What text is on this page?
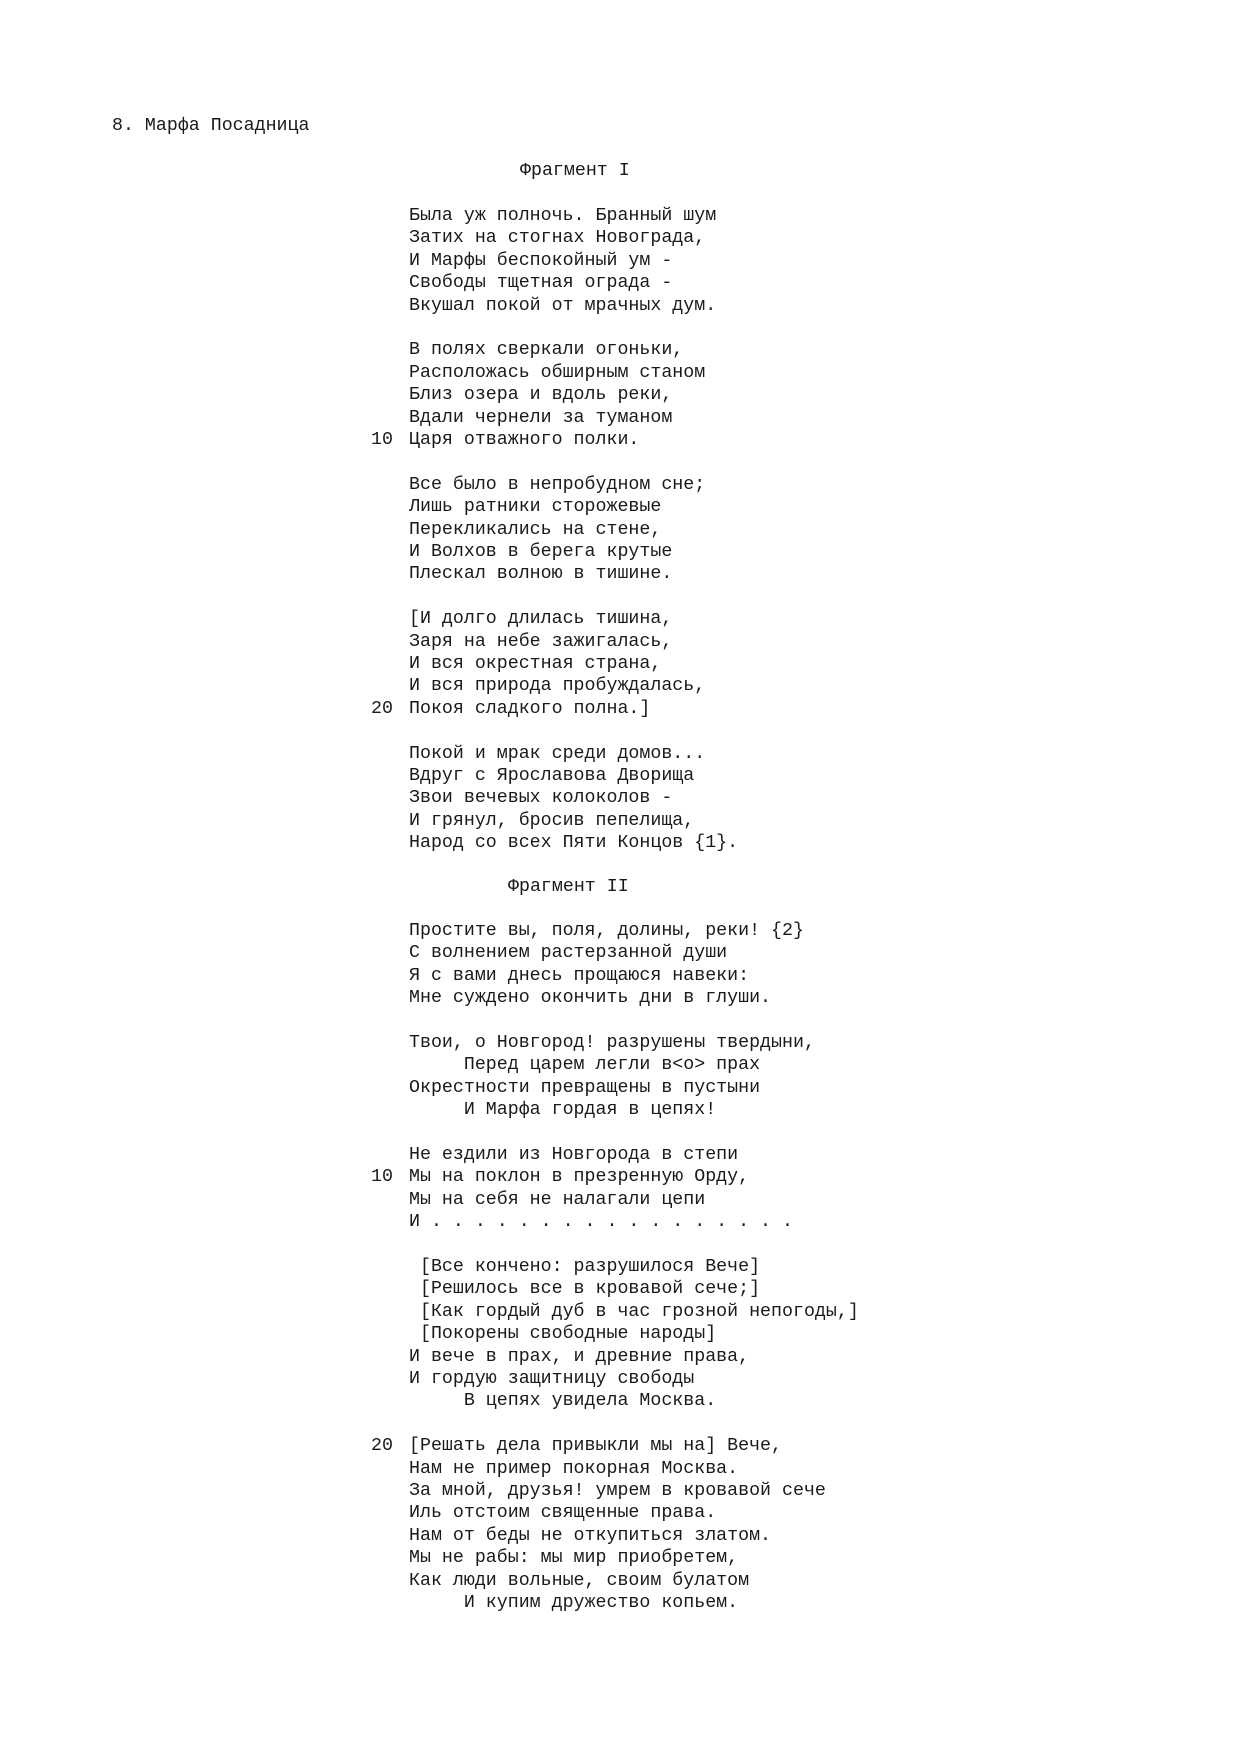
8. Марфа Посадница

Фрагмент I

Была уж полночь. Бранный шум

Затих на стогнах Новограда,

И Марфы беспокойный ум -

Свободы тщетная ограда -

Вкушал покой от мрачных дум.

В полях сверкали огоньки,

Расположась обширным станом

Близ озера и вдоль реки,

Вдали чернели за туманом

10 Царя отважного полки.

Все было в непробудном сне;

Лишь ратники сторожевые

Перекликались на стене,

И Волхов в берега крутые

Плескал волною в тишине.

[И долго длилась тишина,

Заря на небе зажигалась,

И вся окрестная страна,

И вся природа пробуждалась,

20 Покоя сладкого полна.]

Покой и мрак среди домов...

Вдруг с Ярославова Дворища

Звои вечевых колоколов -

И грянул, бросив пепелища,

Народ со всех Пяти Концов {1}.

Фрагмент II

Простите вы, поля, долины, реки! {2}

С волнением растерзанной души

Я с вами днесь прощаюся навеки:

Мне суждено окончить дни в глуши.

Твои, о Новгород! разрушены твердыни,

Перед царем легли в<о> прах

Окрестности превращены в пустыни

И Марфа гордая в цепях!

Не ездили из Новгорода в степи

10 Мы на поклон в презренную Орду,

Мы на себя не налагали цепи

И . . . . . . . . . . . . . . . . .

[Все кончено: разрушилося Вече]

[Решилось все в кровавой сече;]

[Как гордый дуб в час грозной непогоды,]

[Покорены свободные народы]

И вече в прах, и древние права,

И гордую защитницу свободы

В цепях увидела Москва.

20 [Решать дела привыкли мы на] Вече,

Нам не пример покорная Москва.

За мной, друзья! умрем в кровавой сече

Иль отстоим священные права.

Нам от беды не откупиться златом.

Мы не рабы: мы мир приобретем,

Как люди вольные, своим булатом

И купим дружество копьем.
